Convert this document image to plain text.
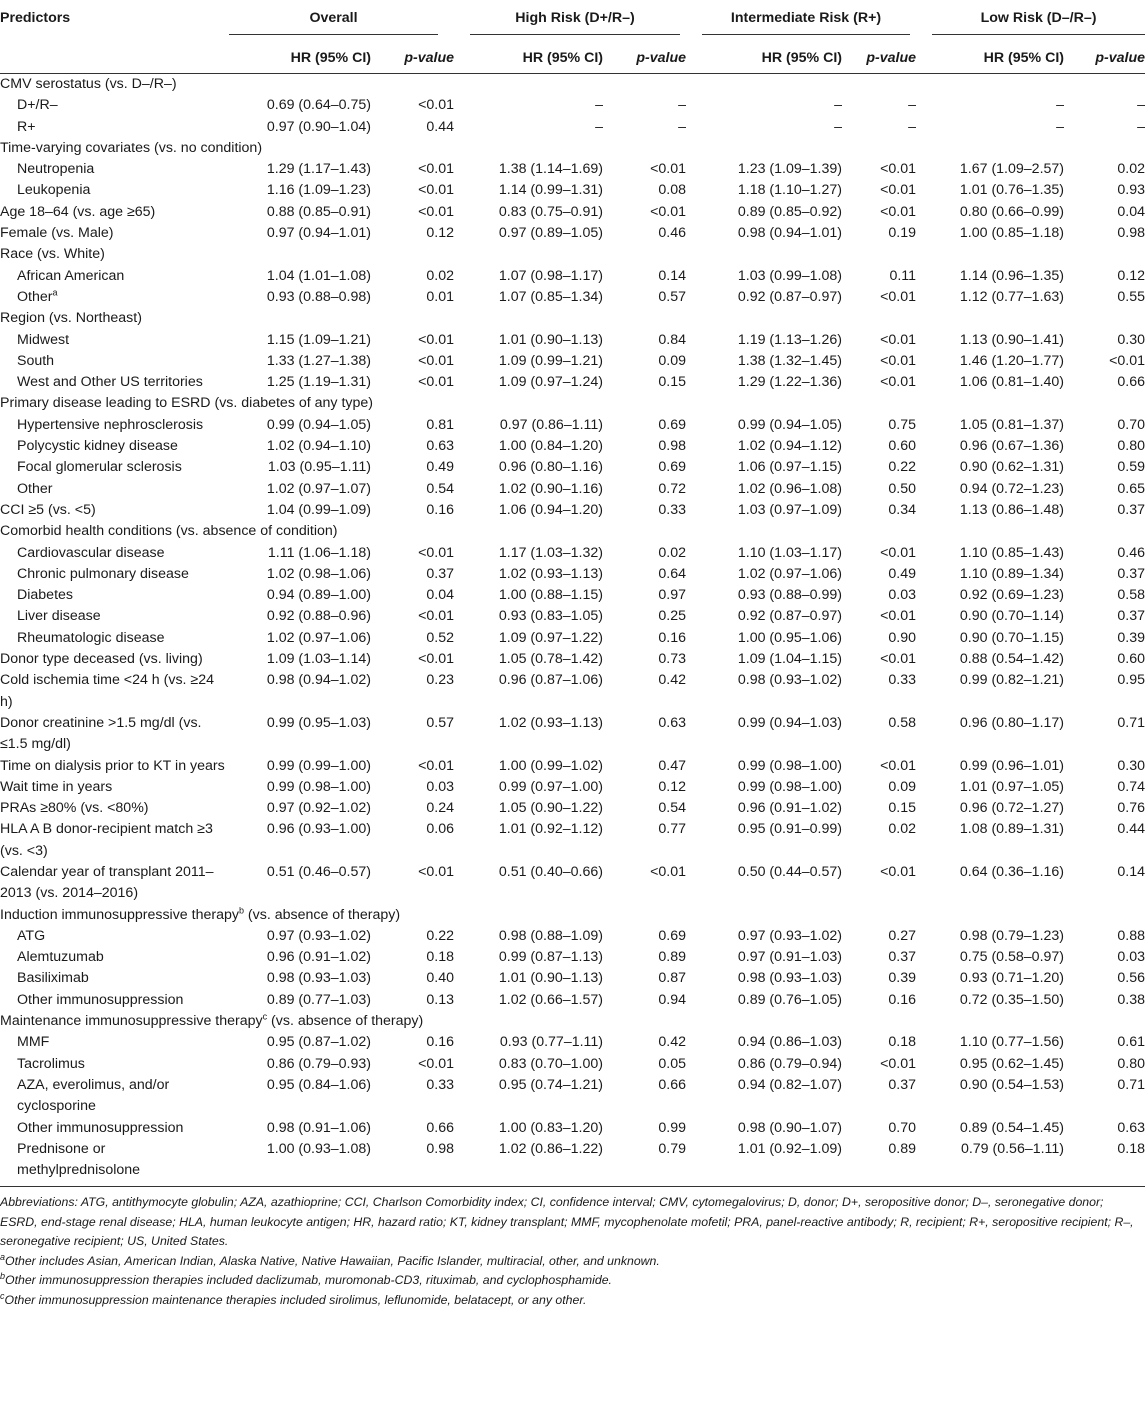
Predictors	Overall		High Risk (D+/R–)		Intermediate Risk (R+)		Low Risk (D–/R–)	

	HR (95% CI)	p-value	HR (95% CI)	p-value	HR (95% CI)	p-value	HR (95% CI)	p-value
CMV serostatus (vs. D–/R–)								
D+/R–	0.69 (0.64–0.75)	<0.01	–	–	–	–	–	–
R+	0.97 (0.90–1.04)	0.44	–	–	–	–	–	–
Time-varying covariates (vs. no condition)								
Neutropenia	1.29 (1.17–1.43)	<0.01	1.38 (1.14–1.69)	<0.01	1.23 (1.09–1.39)	<0.01	1.67 (1.09–2.57)	0.02
Leukopenia	1.16 (1.09–1.23)	<0.01	1.14 (0.99–1.31)	0.08	1.18 (1.10–1.27)	<0.01	1.01 (0.76–1.35)	0.93
Age 18–64 (vs. age ≥65)	0.88 (0.85–0.91)	<0.01	0.83 (0.75–0.91)	<0.01	0.89 (0.85–0.92)	<0.01	0.80 (0.66–0.99)	0.04
Female (vs. Male)	0.97 (0.94–1.01)	0.12	0.97 (0.89–1.05)	0.46	0.98 (0.94–1.01)	0.19	1.00 (0.85–1.18)	0.98
Race (vs. White)								
African American	1.04 (1.01–1.08)	0.02	1.07 (0.98–1.17)	0.14	1.03 (0.99–1.08)	0.11	1.14 (0.96–1.35)	0.12
Other$^a$	0.93 (0.88–0.98)	0.01	1.07 (0.85–1.34)	0.57	0.92 (0.87–0.97)	<0.01	1.12 (0.77–1.63)	0.55
Region (vs. Northeast)								
Midwest	1.15 (1.09–1.21)	<0.01	1.01 (0.90–1.13)	0.84	1.19 (1.13–1.26)	<0.01	1.13 (0.90–1.41)	0.30
South	1.33 (1.27–1.38)	<0.01	1.09 (0.99–1.21)	0.09	1.38 (1.32–1.45)	<0.01	1.46 (1.20–1.77)	<0.01
West and Other US territories	1.25 (1.19–1.31)	<0.01	1.09 (0.97–1.24)	0.15	1.29 (1.22–1.36)	<0.01	1.06 (0.81–1.40)	0.66
Primary disease leading to ESRD (vs. diabetes of any type)								
Hypertensive nephrosclerosis	0.99 (0.94–1.05)	0.81	0.97 (0.86–1.11)	0.69	0.99 (0.94–1.05)	0.75	1.05 (0.81–1.37)	0.70
Polycystic kidney disease	1.02 (0.94–1.10)	0.63	1.00 (0.84–1.20)	0.98	1.02 (0.94–1.12)	0.60	0.96 (0.67–1.36)	0.80
Focal glomerular sclerosis	1.03 (0.95–1.11)	0.49	0.96 (0.80–1.16)	0.69	1.06 (0.97–1.15)	0.22	0.90 (0.62–1.31)	0.59
Other	1.02 (0.97–1.07)	0.54	1.02 (0.90–1.16)	0.72	1.02 (0.96–1.08)	0.50	0.94 (0.72–1.23)	0.65
CCI ≥5 (vs. <5)	1.04 (0.99–1.09)	0.16	1.06 (0.94–1.20)	0.33	1.03 (0.97–1.09)	0.34	1.13 (0.86–1.48)	0.37
Comorbid health conditions (vs. absence of condition)								
Cardiovascular disease	1.11 (1.06–1.18)	<0.01	1.17 (1.03–1.32)	0.02	1.10 (1.03–1.17)	<0.01	1.10 (0.85–1.43)	0.46
Chronic pulmonary disease	1.02 (0.98–1.06)	0.37	1.02 (0.93–1.13)	0.64	1.02 (0.97–1.06)	0.49	1.10 (0.89–1.34)	0.37
Diabetes	0.94 (0.89–1.00)	0.04	1.00 (0.88–1.15)	0.97	0.93 (0.88–0.99)	0.03	0.92 (0.69–1.23)	0.58
Liver disease	0.92 (0.88–0.96)	<0.01	0.93 (0.83–1.05)	0.25	0.92 (0.87–0.97)	<0.01	0.90 (0.70–1.14)	0.37
Rheumatologic disease	1.02 (0.97–1.06)	0.52	1.09 (0.97–1.22)	0.16	1.00 (0.95–1.06)	0.90	0.90 (0.70–1.15)	0.39
Donor type deceased (vs. living)	1.09 (1.03–1.14)	<0.01	1.05 (0.78–1.42)	0.73	1.09 (1.04–1.15)	<0.01	0.88 (0.54–1.42)	0.60
Cold ischemia time <24 h (vs. ≥24 h)	0.98 (0.94–1.02)	0.23	0.96 (0.87–1.06)	0.42	0.98 (0.93–1.02)	0.33	0.99 (0.82–1.21)	0.95
Donor creatinine >1.5 mg/dl (vs. ≤1.5 mg/dl)	0.99 (0.95–1.03)	0.57	1.02 (0.93–1.13)	0.63	0.99 (0.94–1.03)	0.58	0.96 (0.80–1.17)	0.71
Time on dialysis prior to KT in years	0.99 (0.99–1.00)	<0.01	1.00 (0.99–1.02)	0.47	0.99 (0.98–1.00)	<0.01	0.99 (0.96–1.01)	0.30
Wait time in years	0.99 (0.98–1.00)	0.03	0.99 (0.97–1.00)	0.12	0.99 (0.98–1.00)	0.09	1.01 (0.97–1.05)	0.74
PRAs ≥80% (vs. <80%)	0.97 (0.92–1.02)	0.24	1.05 (0.90–1.22)	0.54	0.96 (0.91–1.02)	0.15	0.96 (0.72–1.27)	0.76
HLA A B donor-recipient match ≥3 (vs. <3)	0.96 (0.93–1.00)	0.06	1.01 (0.92–1.12)	0.77	0.95 (0.91–0.99)	0.02	1.08 (0.89–1.31)	0.44
Calendar year of transplant 2011–2013 (vs. 2014–2016)	0.51 (0.46–0.57)	<0.01	0.51 (0.40–0.66)	<0.01	0.50 (0.44–0.57)	<0.01	0.64 (0.36–1.16)	0.14
Induction immunosuppressive therapy$^b$ (vs. absence of therapy)								
ATG	0.97 (0.93–1.02)	0.22	0.98 (0.88–1.09)	0.69	0.97 (0.93–1.02)	0.27	0.98 (0.79–1.23)	0.88
Alemtuzumab	0.96 (0.91–1.02)	0.18	0.99 (0.87–1.13)	0.89	0.97 (0.91–1.03)	0.37	0.75 (0.58–0.97)	0.03
Basiliximab	0.98 (0.93–1.03)	0.40	1.01 (0.90–1.13)	0.87	0.98 (0.93–1.03)	0.39	0.93 (0.71–1.20)	0.56
Other immunosuppression	0.89 (0.77–1.03)	0.13	1.02 (0.66–1.57)	0.94	0.89 (0.76–1.05)	0.16	0.72 (0.35–1.50)	0.38
Maintenance immunosuppressive therapy$^c$ (vs. absence of therapy)								
MMF	0.95 (0.87–1.02)	0.16	0.93 (0.77–1.11)	0.42	0.94 (0.86–1.03)	0.18	1.10 (0.77–1.56)	0.61
Tacrolimus	0.86 (0.79–0.93)	<0.01	0.83 (0.70–1.00)	0.05	0.86 (0.79–0.94)	<0.01	0.95 (0.62–1.45)	0.80
AZA, everolimus, and/or cyclosporine	0.95 (0.84–1.06)	0.33	0.95 (0.74–1.21)	0.66	0.94 (0.82–1.07)	0.37	0.90 (0.54–1.53)	0.71
Other immunosuppression	0.98 (0.91–1.06)	0.66	1.00 (0.83–1.20)	0.99	0.98 (0.90–1.07)	0.70	0.89 (0.54–1.45)	0.63
Prednisone or methylprednisolone	1.00 (0.93–1.08)	0.98	1.02 (0.86–1.22)	0.79	1.01 (0.92–1.09)	0.89	0.79 (0.56–1.11)	0.18

Abbreviations: ATG, antithymocyte globulin; AZA, azathioprine; CCI, Charlson Comorbidity index; CI, confidence interval; CMV, cytomegalovirus; D, donor; D+, seropositive donor; D–, seronegative donor; ESRD, end-stage renal disease; HLA, human leukocyte antigen; HR, hazard ratio; KT, kidney transplant; MMF, mycophenolate mofetil; PRA, panel-reactive antibody; R, recipient; R+, seropositive recipient; R–, seronegative recipient; US, United States.

$^a$Other includes Asian, American Indian, Alaska Native, Native Hawaiian, Pacific Islander, multiracial, other, and unknown.

$^b$Other immunosuppression therapies included daclizumab, muromonab-CD3, rituximab, and cyclophosphamide.

$^c$Other immunosuppression maintenance therapies included sirolimus, leflunomide, belatacept, or any other.
